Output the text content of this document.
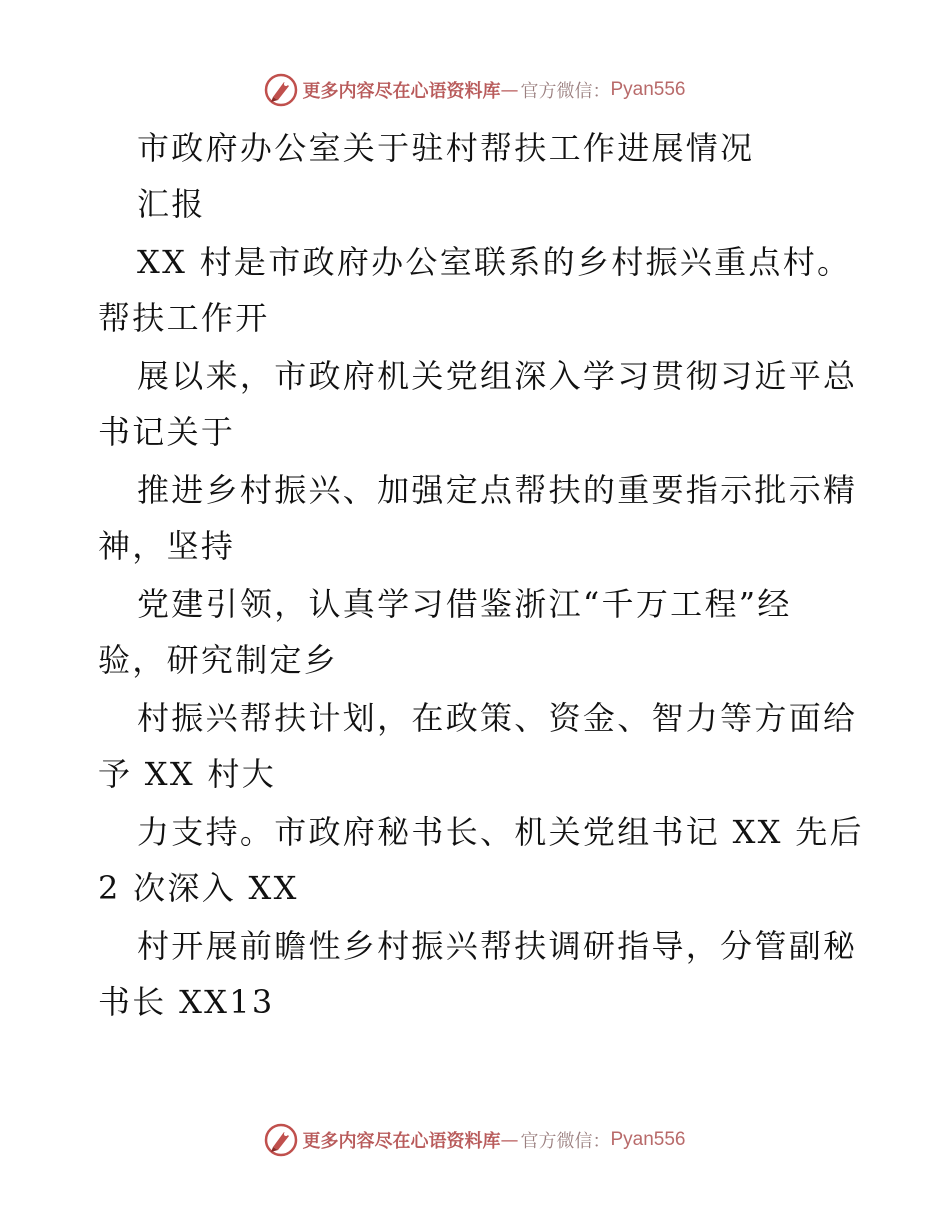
更多内容尽在心语资料库 — 官方微信： Pyan556
市政府办公室关于驻村帮扶工作进展情况
汇报
XX 村是市政府办公室联系的乡村振兴重点村。
帮扶工作开
展以来，市政府机关党组深入学习贯彻习近平总
书记关于
推进乡村振兴、加强定点帮扶的重要指示批示精
神，坚持
党建引领，认真学习借鉴浙江“千万工程”经
验，研究制定乡
村振兴帮扶计划，在政策、资金、智力等方面给
予 XX 村大
力支持。市政府秘书长、机关党组书记 XX 先后
2 次深入 XX
村开展前瞻性乡村振兴帮扶调研指导，分管副秘
书长 XX13
更多内容尽在心语资料库 — 官方微信： Pyan556
